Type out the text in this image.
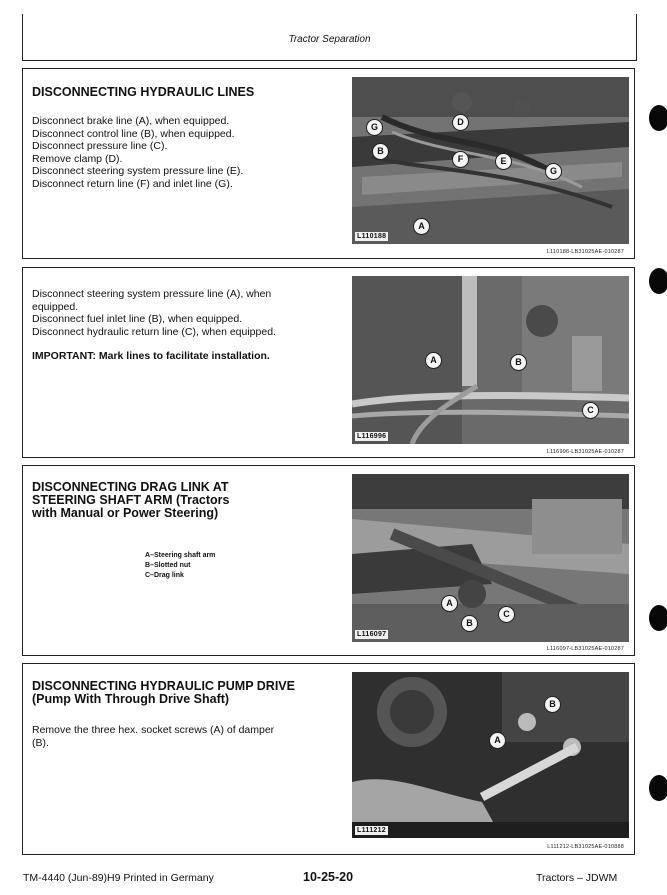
Tractor Separation
DISCONNECTING HYDRAULIC LINES
Disconnect brake line (A), when equipped.
Disconnect control line (B), when equipped.
Disconnect pressure line (C).
Remove clamp (D).
Disconnect steering system pressure line (E).
Disconnect return line (F) and inlet line (G).
G	D
B
F	E
G
A
L110188
L110188-LB31025AE-010287
Disconnect steering system pressure line (A), when
equipped.
Disconnect fuel inlet line (B), when equipped.
Disconnect hydraulic return line (C), when equipped.
IMPORTANT: Mark lines to facilitate installation.	A	B
C
L116996
L116996-LB31025AE-010287
DISCONNECTING DRAG LINK AT
STEERING SHAFT ARM (Tractors
with Manual or Power Steering)
A–Steering shaft arm
B–Slotted nut
C–Drag link
A
B
C
L116097
L116097-LB31025AE-010287
DISCONNECTING HYDRAULIC PUMP DRIVE
(Pump With Through Drive Shaft)
Remove the three hex. socket screws (A) of damper
(B).
B
A
L111212
L111212-LB31025AE-010888
TM-4440 (Jun-89)H9 Printed in Germany	10-25-20	Tractors – JDWM
